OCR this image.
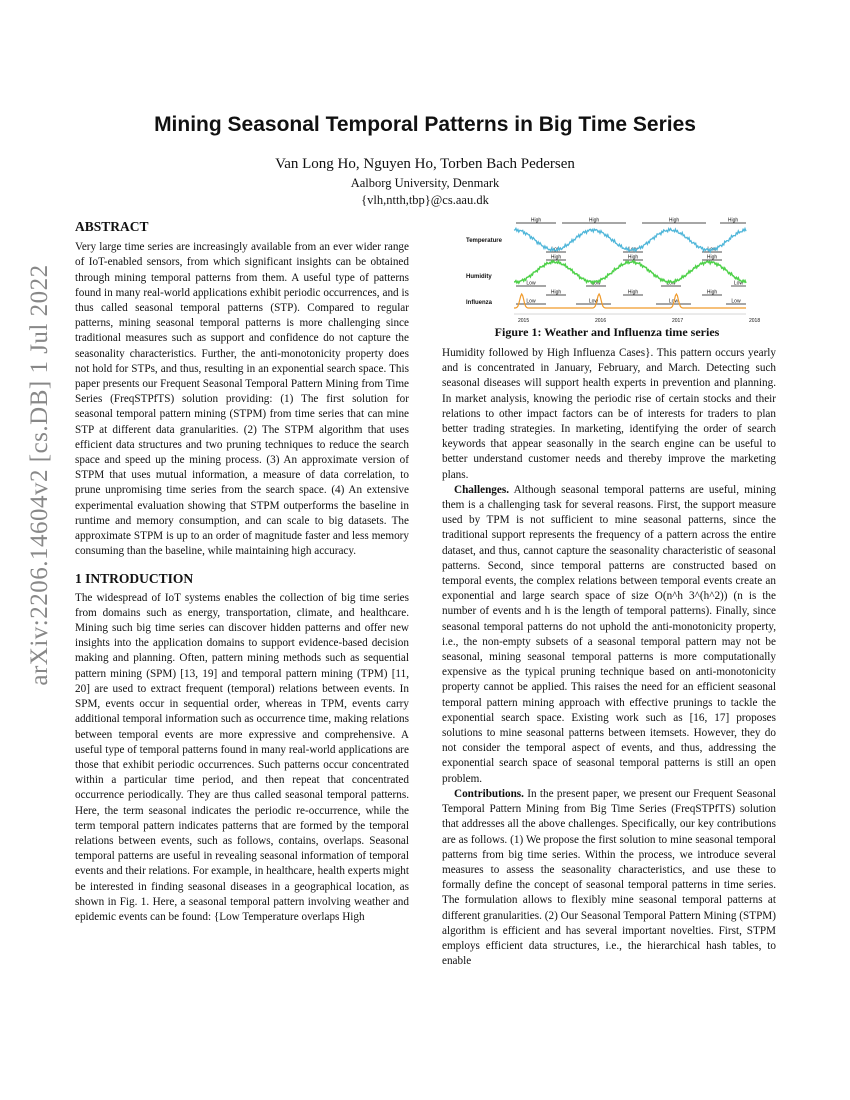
arXiv:2206.14604v2 [cs.DB] 1 Jul 2022
Mining Seasonal Temporal Patterns in Big Time Series
Van Long Ho, Nguyen Ho, Torben Bach Pedersen
Aalborg University, Denmark
{vlh,ntth,tbp}@cs.aau.dk
ABSTRACT

Very large time series are increasingly available from an ever wider range of IoT-enabled sensors, from which significant insights can be obtained through mining temporal patterns from them. A useful type of patterns found in many real-world applications exhibit periodic occurrences, and is thus called seasonal temporal patterns (STP). Compared to regular patterns, mining seasonal temporal patterns is more challenging since traditional measures such as support and confidence do not capture the seasonality characteristics. Further, the anti-monotonicity property does not hold for STPs, and thus, resulting in an exponential search space. This paper presents our Frequent Seasonal Temporal Pattern Mining from Time Series (FreqSTPfTS) solution providing: (1) The first solution for seasonal temporal pattern mining (STPM) from time series that can mine STP at different data granularities. (2) The STPM algorithm that uses efficient data structures and two pruning techniques to reduce the search space and speed up the mining process. (3) An approximate version of STPM that uses mutual information, a measure of data correlation, to prune unpromising time series from the search space. (4) An extensive experimental evaluation showing that STPM outperforms the baseline in runtime and memory consumption, and can scale to big datasets. The approximate STPM is up to an order of magnitude faster and less memory consuming than the baseline, while maintaining high accuracy.

1 INTRODUCTION

The widespread of IoT systems enables the collection of big time series from domains such as energy, transportation, climate, and healthcare. Mining such big time series can discover hidden patterns and offer new insights into the application domains to support evidence-based decision making and planning. Often, pattern mining methods such as sequential pattern mining (SPM) [13, 19] and temporal pattern mining (TPM) [11, 20] are used to extract frequent (temporal) relations between events. In SPM, events occur in sequential order, whereas in TPM, events carry additional temporal information such as occurrence time, making relations between temporal events are more expressive and comprehensive. A useful type of temporal patterns found in many real-world applications are those that exhibit periodic occurrences. Such patterns occur concentrated within a particular time period, and then repeat that concentrated occurrence periodically. They are thus called seasonal temporal patterns. Here, the term seasonal indicates the periodic re-occurrence, while the term temporal pattern indicates patterns that are formed by the temporal relations between events, such as follows, contains, overlaps. Seasonal temporal patterns are useful in revealing seasonal information of temporal events and their relations. For example, in healthcare, health experts might be interested in finding seasonal diseases in a geographical location, as shown in Fig. 1. Here, a seasonal temporal pattern involving weather and epidemic events can be found: {Low Temperature overlaps High

Temperature
Humidity
Influenza
High	High	High	High
Low	Low	Low
High	High	High
Low	Low	Low	Low
High	High	High
Low	Low	Low	Low
2015	2016	2017	2018
Figure 1: Weather and Influenza time series

Humidity followed by High Influenza Cases}. This pattern occurs yearly and is concentrated in January, February, and March. Detecting such seasonal diseases will support health experts in prevention and planning. In market analysis, knowing the periodic rise of certain stocks and their relations to other impact factors can be of interests for traders to plan better trading strategies. In marketing, identifying the order of search keywords that appear seasonally in the search engine can be useful to better understand customer needs and thereby improve the marketing plans.

Challenges. Although seasonal temporal patterns are useful, mining them is a challenging task for several reasons. First, the support measure used by TPM is not sufficient to mine seasonal patterns, since the traditional support represents the frequency of a pattern across the entire dataset, and thus, cannot capture the seasonality characteristic of seasonal patterns. Second, since temporal patterns are constructed based on temporal events, the complex relations between temporal events create an exponential and large search space of size O(n^h 3^(h^2)) (n is the number of events and h is the length of temporal patterns). Finally, since seasonal temporal patterns do not uphold the anti-monotonicity property, i.e., the non-empty subsets of a seasonal temporal pattern may not be seasonal, mining seasonal temporal patterns is more computationally expensive as the typical pruning technique based on anti-monotonicity property cannot be applied. This raises the need for an efficient seasonal temporal pattern mining approach with effective prunings to tackle the exponential search space. Existing work such as [16, 17] proposes solutions to mine seasonal patterns between itemsets. However, they do not consider the temporal aspect of events, and thus, addressing the exponential search space of seasonal temporal patterns is still an open problem.

Contributions. In the present paper, we present our Frequent Seasonal Temporal Pattern Mining from Big Time Series (FreqSTPfTS) solution that addresses all the above challenges. Specifically, our key contributions are as follows. (1) We propose the first solution to mine seasonal temporal patterns from big time series. Within the process, we introduce several measures to assess the seasonality characteristics, and use these to formally define the concept of seasonal temporal patterns in time series. The formulation allows to flexibly mine seasonal temporal patterns at different granularities. (2) Our Seasonal Temporal Pattern Mining (STPM) algorithm is efficient and has several important novelties. First, STPM employs efficient data structures, i.e., the hierarchical hash tables, to enable
